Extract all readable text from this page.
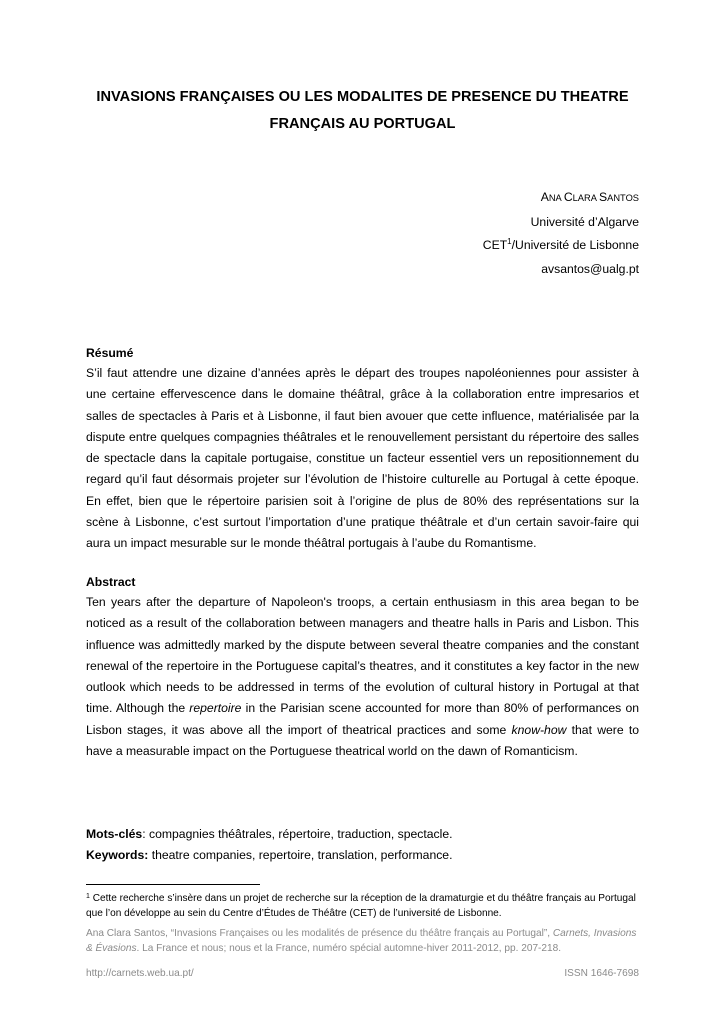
INVASIONS FRANÇAISES OU LES MODALITES DE PRESENCE DU THEATRE FRANÇAIS AU PORTUGAL
ANA CLARA SANTOS
Université d’Algarve
CET$^1$/Université de Lisbonne
avsantos@ualg.pt
Résumé

S’il faut attendre une dizaine d’années après le départ des troupes napoléoniennes pour assister à une certaine effervescence dans le domaine théâtral, grâce à la collaboration entre impresarios et salles de spectacles à Paris et à Lisbonne, il faut bien avouer que cette influence, matérialisée par la dispute entre quelques compagnies théâtrales et le renouvellement persistant du répertoire des salles de spectacle dans la capitale portugaise, constitue un facteur essentiel vers un repositionnement du regard qu’il faut désormais projeter sur l’évolution de l’histoire culturelle au Portugal à cette époque. En effet, bien que le répertoire parisien soit à l’origine de plus de 80% des représentations sur la scène à Lisbonne, c’est surtout l’importation d’une pratique théâtrale et d’un certain savoir-faire qui aura un impact mesurable sur le monde théâtral portugais à l’aube du Romantisme.

Abstract

Ten years after the departure of Napoleon's troops, a certain enthusiasm in this area began to be noticed as a result of the collaboration between managers and theatre halls in Paris and Lisbon. This influence was admittedly marked by the dispute between several theatre companies and the constant renewal of the repertoire in the Portuguese capital’s theatres, and it constitutes a key factor in the new outlook which needs to be addressed in terms of the evolution of cultural history in Portugal at that time. Although the repertoire in the Parisian scene accounted for more than 80% of performances on Lisbon stages, it was above all the import of theatrical practices and some know-how that were to have a measurable impact on the Portuguese theatrical world on the dawn of Romanticism.

Mots-clés: compagnies théâtrales, répertoire, traduction, spectacle.
Keywords: theatre companies, repertoire, translation, performance.
$^1$ Cette recherche s’insère dans un projet de recherche sur la réception de la dramaturgie et du théâtre français au Portugal que l’on développe au sein du Centre d’Études de Théâtre (CET) de l’université de Lisbonne.
Ana Clara Santos, “Invasions Françaises ou les modalités de présence du théâtre français au Portugal”, Carnets, Invasions & Évasions. La France et nous; nous et la France, numéro spécial automne-hiver 2011-2012, pp. 207-218.
http://carnets.web.ua.pt/	ISSN 1646-7698
